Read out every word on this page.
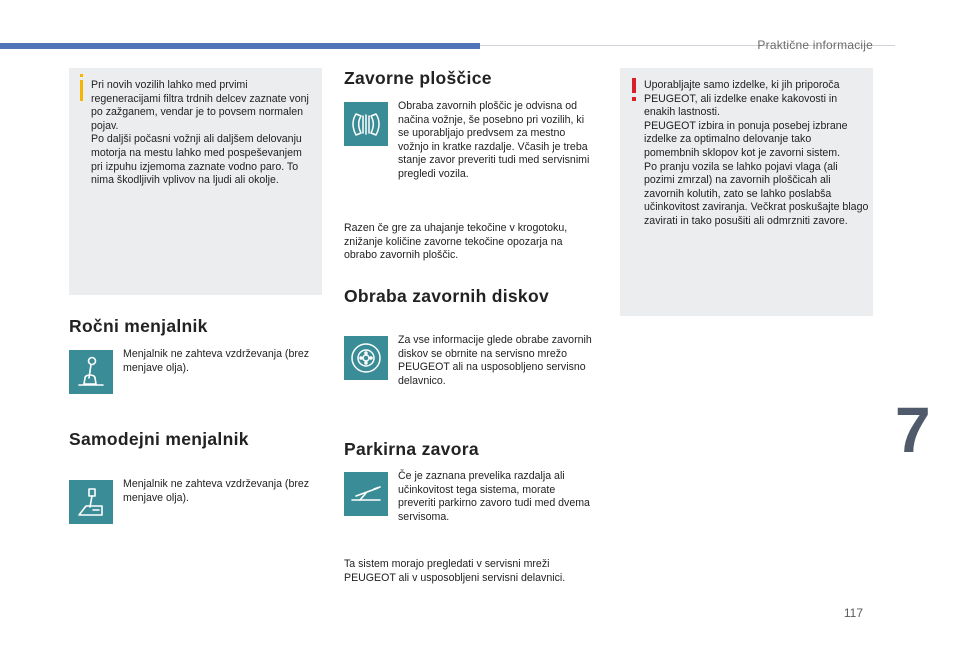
Praktične informacije
Pri novih vozilih lahko med prvimi regeneracijami filtra trdnih delcev zaznate vonj po zažganem, vendar je to povsem normalen pojav.
Po daljši počasni vožnji ali daljšem delovanju motorja na mestu lahko med pospeševanjem pri izpuhu izjemoma zaznate vodno paro. To nima škodljivih vplivov na ljudi ali okolje.
Ročni menjalnik
Menjalnik ne zahteva vzdrževanja (brez menjave olja).
Samodejni menjalnik
Menjalnik ne zahteva vzdrževanja (brez menjave olja).
Zavorne ploščice
Obraba zavornih ploščic je odvisna od načina vožnje, še posebno pri vozilih, ki se uporabljajo predvsem za mestno vožnjo in kratke razdalje. Včasih je treba stanje zavor preveriti tudi med servisnimi pregledi vozila.
Razen če gre za uhajanje tekočine v krogotoku, znižanje količine zavorne tekočine opozarja na obrabo zavornih ploščic.
Obraba zavornih diskov
Za vse informacije glede obrabe zavornih diskov se obrnite na servisno mrežo PEUGEOT ali na usposobljeno servisno delavnico.
Parkirna zavora
Če je zaznana prevelika razdalja ali učinkovitost tega sistema, morate preveriti parkirno zavoro tudi med dvema servisoma.
Ta sistem morajo pregledati v servisni mreži PEUGEOT ali v usposobljeni servisni delavnici.
Uporabljajte samo izdelke, ki jih priporoča PEUGEOT, ali izdelke enake kakovosti in enakih lastnosti.
PEUGEOT izbira in ponuja posebej izbrane izdelke za optimalno delovanje tako pomembnih sklopov kot je zavorni sistem.
Po pranju vozila se lahko pojavi vlaga (ali pozimi zmrzal) na zavornih ploščicah ali zavornih kolutih, zato se lahko poslabša učinkovitost zaviranja. Večkrat poskušajte blago zavirati in tako posušiti ali odmrzniti zavore.
7
117
